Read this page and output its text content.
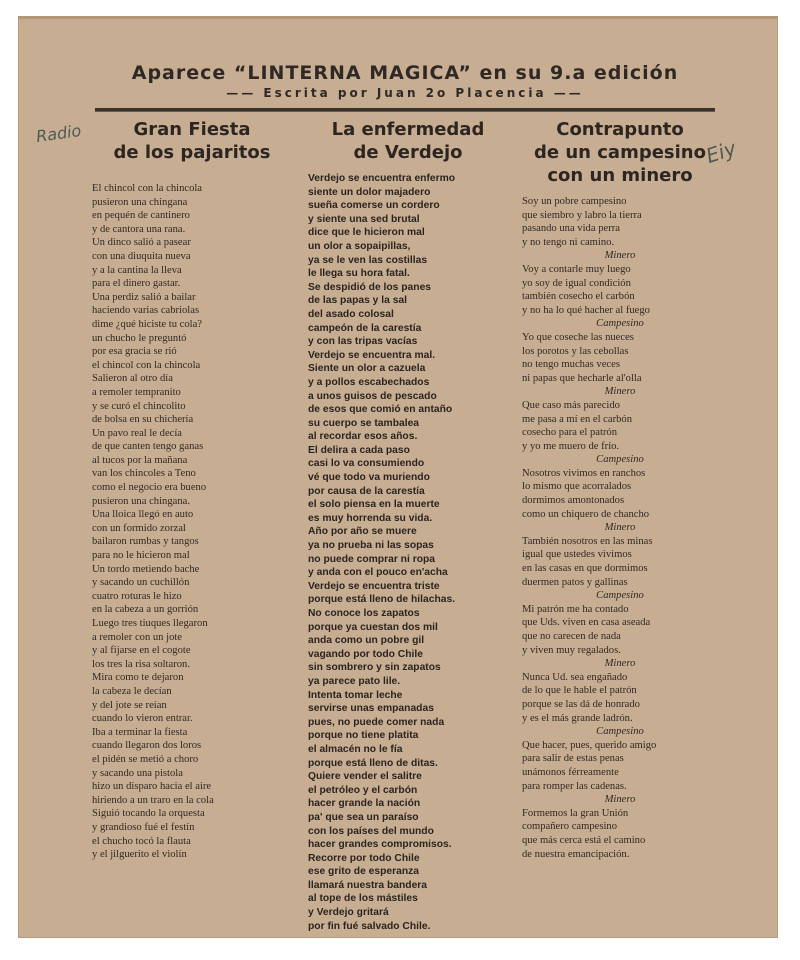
Aparece “LINTERNA MAGICA” en su 9.a edición
—— Escrita por Juan 2o Placencia ——
Radio
Eiy
Gran Fiesta
de los pajaritos
El chincol con la chincola
pusieron una chingana
en pequén de cantinero
y de cantora una rana.
Un dinco salió a pasear
con una diuquita nueva
y a la cantina la lleva
para el dinero gastar.
Una perdiz salió a bailar
haciendo varias cabriolas
dime ¿qué hiciste tu cola?
un chucho le preguntó
por esa gracia se rió
el chincol con la chincola
Salieron al otro día
a remoler tempranito
y se curó el chincolito
de bolsa en su chichería
Un pavo real le decía
de que canten tengo ganas
al tucos por la mañana
van los chincoles a Teno
como el negocio era bueno
pusieron una chingana.
Una lloica llegó en auto
con un formido zorzal
bailaron rumbas y tangos
para no le hicieron mal
Un tordo metiendo bache
y sacando un cuchillón
cuatro roturas le hizo
en la cabeza a un gorrión
Luego tres tiuques llegaron
a remoler con un jote
y al fijarse en el cogote
los tres la risa soltaron.
Mira como te dejaron
la cabeza le decían
y del jote se reían
cuando lo vieron entrar.
Iba a terminar la fiesta
cuando llegaron dos loros
el pidén se metió a choro
y sacando una pistola
hizo un disparo hacia el aire
hiriendo a un traro en la cola
Siguió tocando la orquesta
y grandioso fué el festín
el chucho tocó la flauta
y el jilguerito el violín
La enfermedad
de Verdejo
Verdejo se encuentra enfermo
siente un dolor majadero
sueña comerse un cordero
y siente una sed brutal
dice que le hicieron mal
un olor a sopaipillas,
ya se le ven las costillas
le llega su hora fatal.
Se despidió de los panes
de las papas y la sal
del asado colosal
campeón de la carestía
y con las tripas vacías
Verdejo se encuentra mal.
Siente un olor a cazuela
y a pollos escabechados
a unos guisos de pescado
de esos que comió en antaño
su cuerpo se tambalea
al recordar esos años.
El delira a cada paso
casi lo va consumiendo
vé que todo va muriendo
por causa de la carestía
el solo piensa en la muerte
es muy horrenda su vida.
Año por año se muere
ya no prueba ni las sopas
no puede comprar ni ropa
y anda con el pouco en'acha
Verdejo se encuentra triste
porque está lleno de hilachas.
No conoce los zapatos
porque ya cuestan dos mil
anda como un pobre gil
vagando por todo Chile
sin sombrero y sin zapatos
ya parece pato lile.
Intenta tomar leche
servirse unas empanadas
pues, no puede comer nada
porque no tiene platita
el almacén no le fía
porque está lleno de ditas.
Quiere vender el salitre
el petróleo y el carbón
hacer grande la nación
pa' que sea un paraíso
con los países del mundo
hacer grandes compromisos.
Recorre por todo Chile
ese grito de esperanza
llamará nuestra bandera
al tope de los mástiles
y Verdejo gritará
por fin fué salvado Chile.
Contrapunto
de un campesino
con un minero
Soy un pobre campesino
que siembro y labro la tierra
pasando una vida perra
y no tengo ni camino.
Minero
Voy a contarle muy luego
yo soy de igual condición
también cosecho el carbón
y no ha lo qué hacher al fuego
Campesino
Yo que coseche las nueces
los porotos y las cebollas
no tengo muchas veces
ni papas que hecharle al'olla
Minero
Que caso más parecido
me pasa a mí en el carbón
cosecho para el patrón
y yo me muero de frío.
Campesino
Nosotros vivimos en ranchos
lo mismo que acorralados
dormimos amontonados
como un chiquero de chancho
Minero
También nosotros en las minas
igual que ustedes vivimos
en las casas en que dormimos
duermen patos y gallinas
Campesino
Mi patrón me ha contado
que Uds. viven en casa aseada
que no carecen de nada
y viven muy regalados.
Minero
Nunca Ud. sea engañado
de lo que le hable el patrón
porque se las dá de honrado
y es el más grande ladrón.
Campesino
Que hacer, pues, querido amigo
para salir de estas penas
unámonos férreamente
para romper las cadenas.
Minero
Formemos la gran Unión
compañero campesino
que más cerca está el camino
de nuestra emancipación.
